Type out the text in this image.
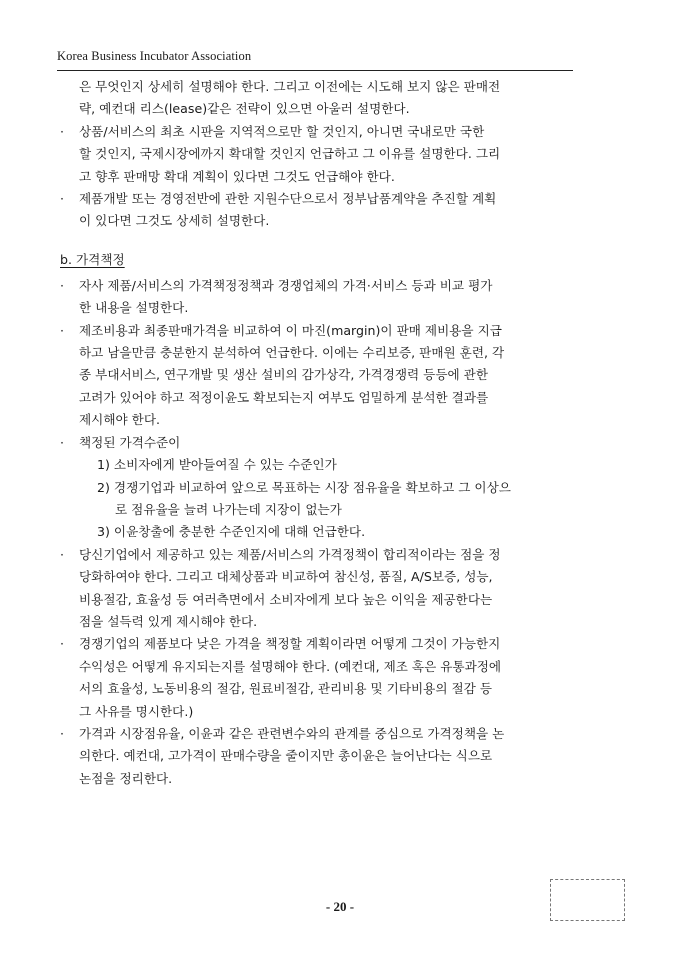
Korea Business Incubator Association
은 무엇인지 상세히 설명해야 한다. 그리고 이전에는 시도해 보지 않은 판매전
략, 예컨대 리스(lease)같은 전략이 있으면 아울러 설명한다.
·	상품/서비스의 최초 시판을 지역적으로만 할 것인지, 아니면 국내로만 국한
할 것인지, 국제시장에까지 확대할 것인지 언급하고 그 이유를 설명한다. 그리
고 향후 판매망 확대 계획이 있다면 그것도 언급해야 한다.
·	제품개발 또는 경영전반에 관한 지원수단으로서 정부납품계약을 추진할 계획
이 있다면 그것도 상세히 설명한다.
b. 가격책정
·	자사 제품/서비스의 가격책정정책과 경쟁업체의 가격·서비스 등과 비교 평가
한 내용을 설명한다.
·	제조비용과 최종판매가격을 비교하여 이 마진(margin)이 판매 제비용을 지급
하고 남을만큼 충분한지 분석하여 언급한다. 이에는 수리보증, 판매원 훈련, 각
종 부대서비스, 연구개발 및 생산 설비의 감가상각, 가격경쟁력 등등에 관한
고려가 있어야 하고 적정이윤도 확보되는지 여부도 엄밀하게 분석한 결과를
제시해야 한다.
·	책정된 가격수준이
1) 소비자에게 받아들여질 수 있는 수준인가
2) 경쟁기업과 비교하여 앞으로 목표하는 시장 점유율을 확보하고 그 이상으
로 점유율을 늘려 나가는데 지장이 없는가
3) 이윤창출에 충분한 수준인지에 대해 언급한다.
·	당신기업에서 제공하고 있는 제품/서비스의 가격정책이 합리적이라는 점을 정
당화하여야 한다. 그리고 대체상품과 비교하여 참신성, 품질, A/S보증, 성능,
비용절감, 효율성 등 여러측면에서 소비자에게 보다 높은 이익을 제공한다는
점을 설득력 있게 제시해야 한다.
·	경쟁기업의 제품보다 낮은 가격을 책정할 계획이라면 어떻게 그것이 가능한지
수익성은 어떻게 유지되는지를 설명해야 한다. (예컨대, 제조 혹은 유통과정에
서의 효율성, 노동비용의 절감, 원료비절감, 관리비용 및 기타비용의 절감 등
그 사유를 명시한다.)
·	가격과 시장점유율, 이윤과 같은 관련변수와의 관계를 중심으로 가격정책을 논
의한다. 예컨대, 고가격이 판매수량을 줄이지만 총이윤은 늘어난다는 식으로
논점을 정리한다.
- 20 -
